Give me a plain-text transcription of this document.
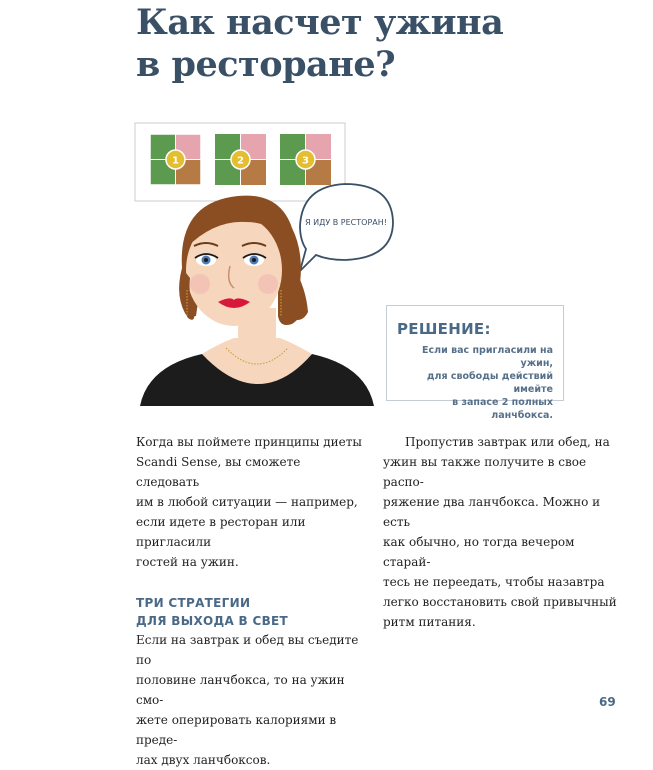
Как насчет ужина
в ресторане?
1	2	3
Я ИДУ В РЕСТОРАН!
РЕШЕНИЕ:
Если вас пригласили на ужин,
для свободы действий имейте
в запасе 2 полных ланчбокса.

Когда вы поймете принципы диеты
Scandi Sense, вы сможете следовать
им в любой ситуации — например,
если идете в ресторан или пригласили
гостей на ужин.

ТРИ СТРАТЕГИИ
ДЛЯ ВЫХОДА В СВЕТ

Если на завтрак и обед вы съедите по
половине ланчбокса, то на ужин смо-
жете оперировать калориями в преде-
лах двух ланчбоксов.

Пропустив завтрак или обед, на
ужин вы также получите в свое распо-
ряжение два ланчбокса. Можно и есть
как обычно, но тогда вечером старай-
тесь не переедать, чтобы назавтра
легко восстановить свой привычный
ритм питания.

69
